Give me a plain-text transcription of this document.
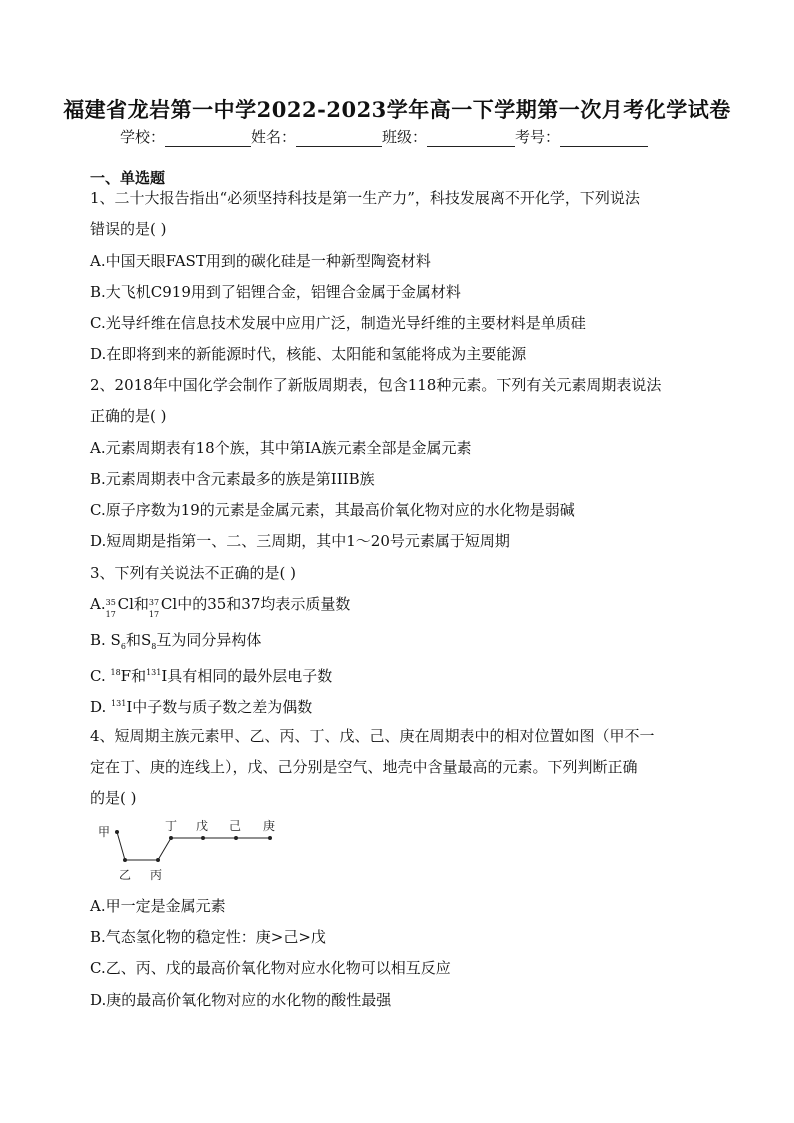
福建省龙岩第一中学2022-2023学年高一下学期第一次月考化学试卷
学校：	姓名：	班级：	考号：
一、单选题
1、二十大报告指出“必须坚持科技是第一生产力”，科技发展离不开化学，下列说法
错误的是( )
A.中国天眼FAST用到的碳化硅是一种新型陶瓷材料
B.大飞机C919用到了铝锂合金，铝锂合金属于金属材料
C.光导纤维在信息技术发展中应用广泛，制造光导纤维的主要材料是单质硅
D.在即将到来的新能源时代，核能、太阳能和氢能将成为主要能源
2、2018年中国化学会制作了新版周期表，包含118种元素。下列有关元素周期表说法
正确的是( )
A.元素周期表有18个族，其中第IA族元素全部是金属元素
B.元素周期表中含元素最多的族是第IIIB族
C.原子序数为19的元素是金属元素，其最高价氧化物对应的水化物是弱碱
D.短周期是指第一、二、三周期，其中1～20号元素属于短周期
3、下列有关说法不正确的是( )
A. 35
17
Cl和 37
17
Cl中的35和37均表示质量数
B. $S_6$和$S_8$互为同分异构体
C. $^{18}$F和$^{131}$I具有相同的最外层电子数
D. $^{131}$I中子数与质子数之差为偶数
4、短周期主族元素甲、乙、丙、丁、戊、己、庚在周期表中的相对位置如图（甲不一
定在丁、庚的连线上），戊、己分别是空气、地壳中含量最高的元素。下列判断正确
的是( )
甲
乙 丙
丁 戊 己 庚
A.甲一定是金属元素
B.气态氢化物的稳定性：庚>己>戊
C.乙、丙、戊的最高价氧化物对应水化物可以相互反应
D.庚的最高价氧化物对应的水化物的酸性最强
